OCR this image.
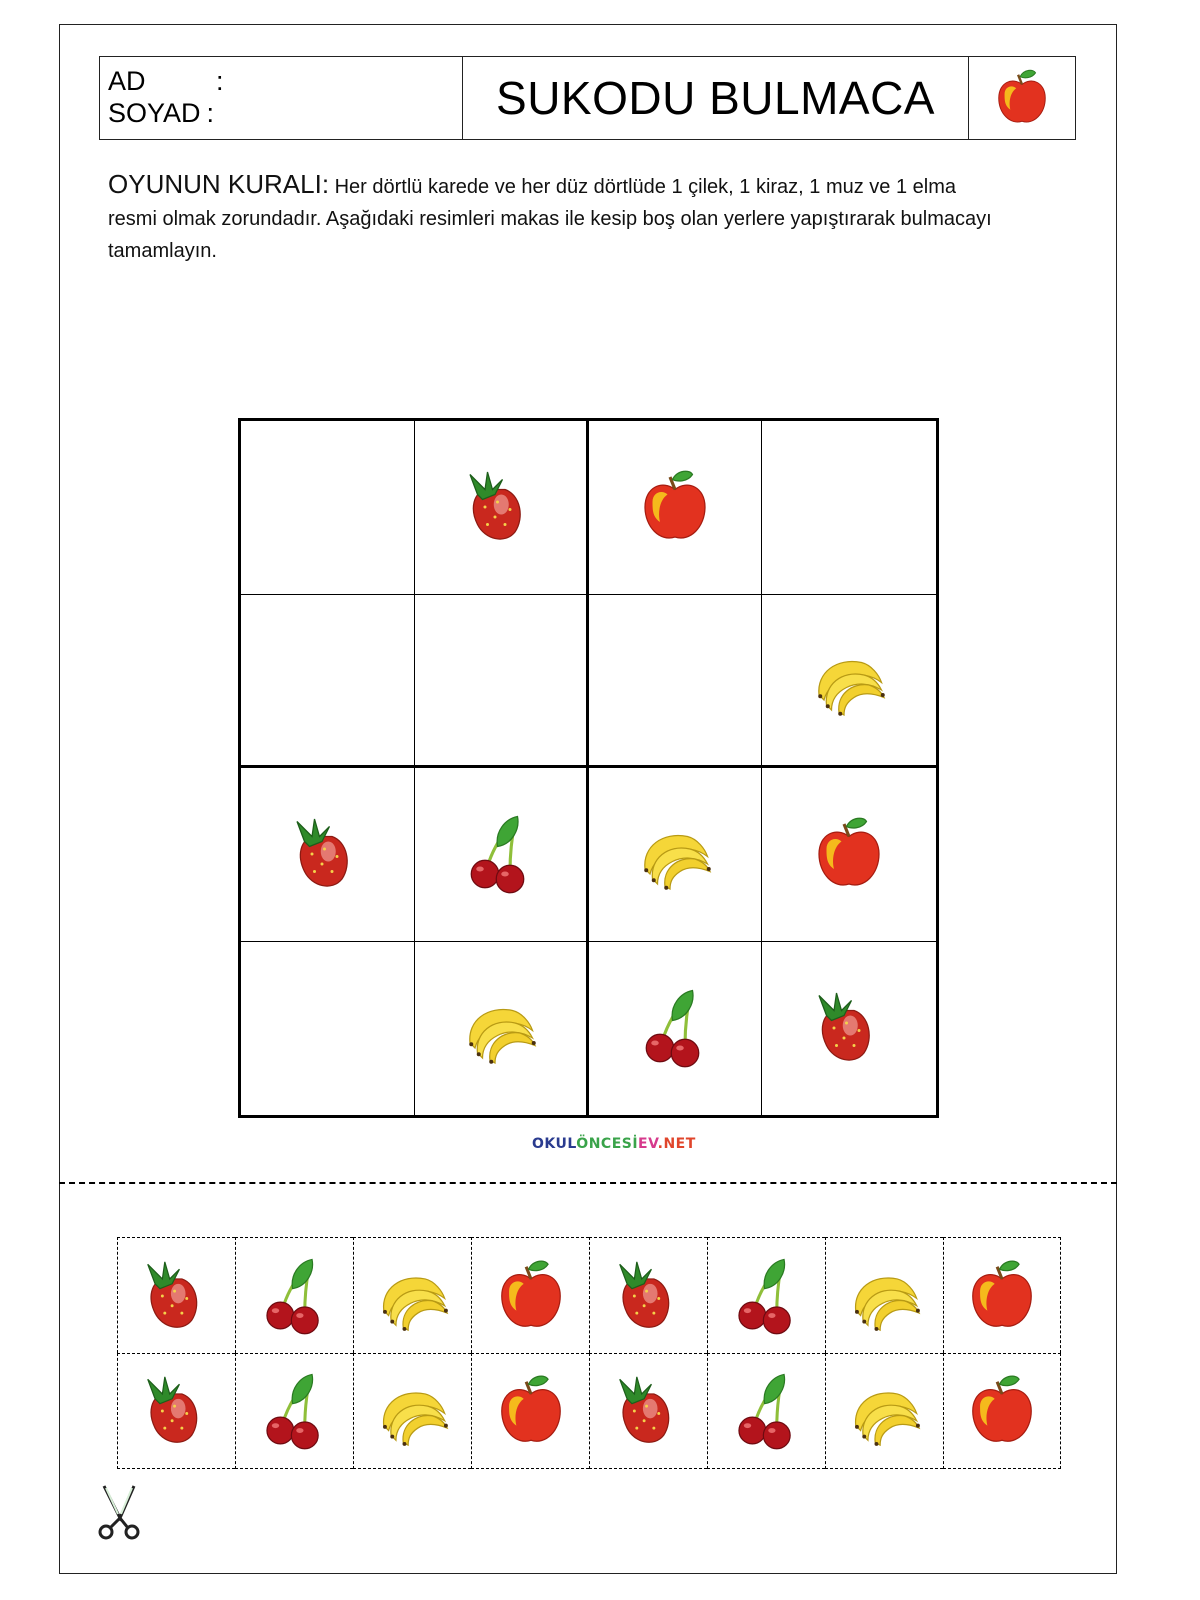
AD	:
SOYAD :	SUKODU BULMACA
OYUNUN KURALI: Her dörtlü karede ve her düz dörtlüde 1 çilek, 1 kiraz, 1 muz ve 1 elma resmi olmak zorundadır. Aşağıdaki resimleri makas ile kesip boş olan yerlere yapıştırarak bulmacayı tamamlayın.
OKULÖNCESİEV.NET
